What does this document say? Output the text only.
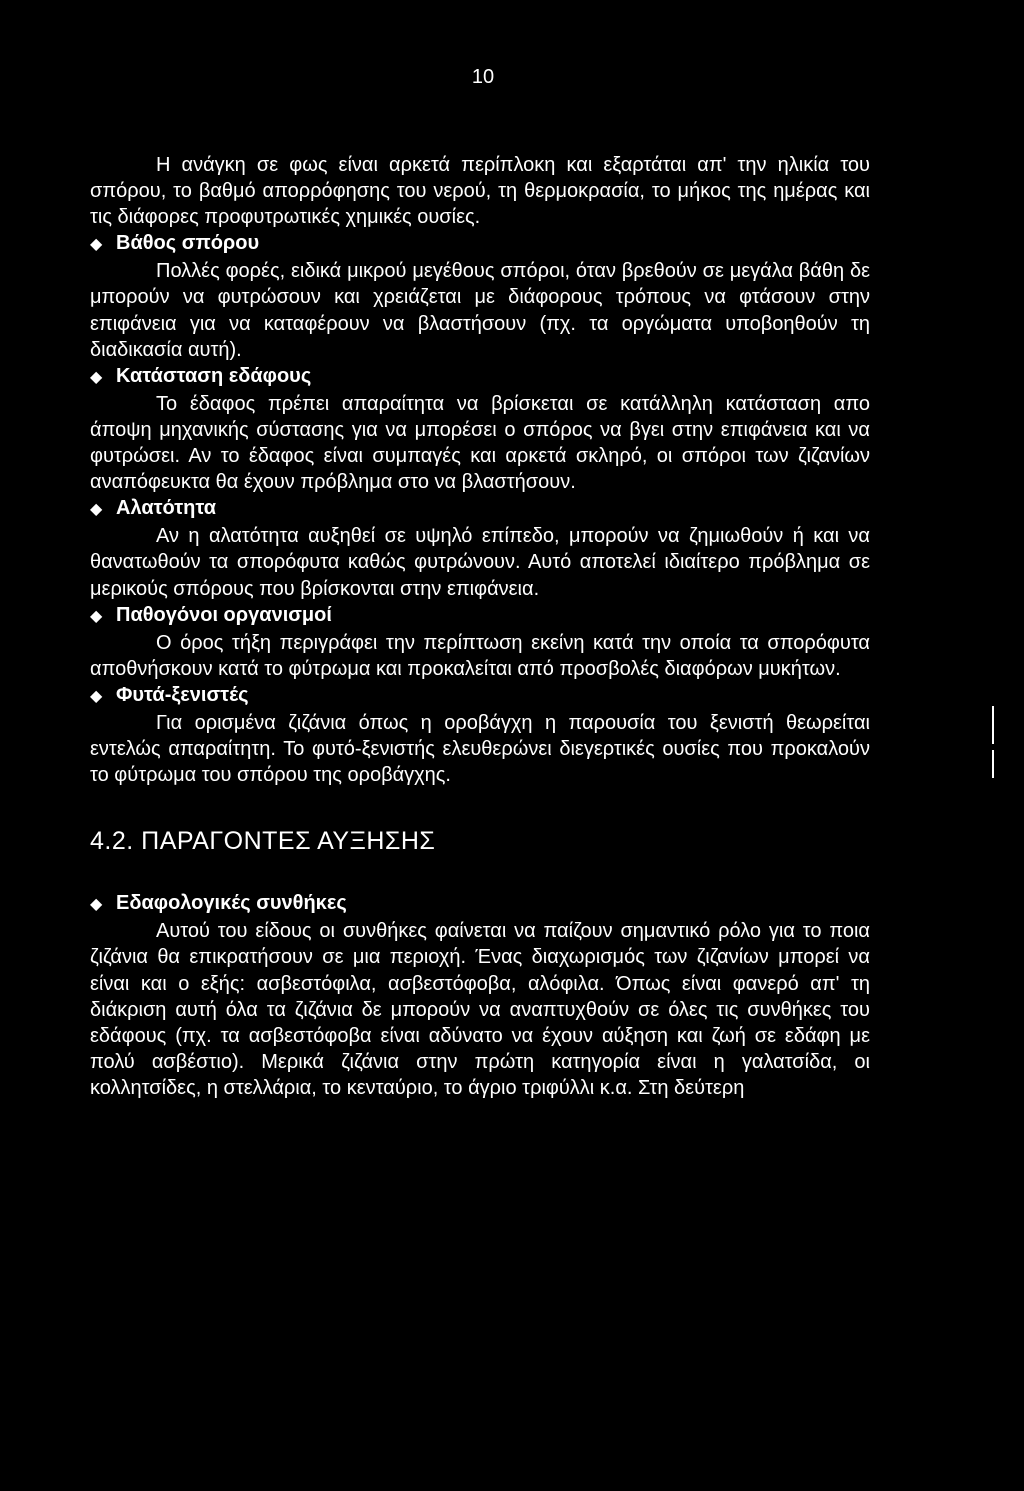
10

Η ανάγκη σε φως είναι αρκετά περίπλοκη και εξαρτάται απ' την ηλικία του σπόρου, το βαθμό απορρόφησης του νερού, τη θερμοκρασία, το μήκος της ημέρας και τις διάφορες προφυτρωτικές χημικές ουσίες.

◆ Βάθος σπόρου

Πολλές φορές, ειδικά μικρού μεγέθους σπόροι, όταν βρεθούν σε μεγάλα βάθη δε μπορούν να φυτρώσουν και χρειάζεται με διάφορους τρόπους να φτάσουν στην επιφάνεια για να καταφέρουν να βλαστήσουν (πχ. τα οργώματα υποβοηθούν τη διαδικασία αυτή).

◆ Κατάσταση εδάφους

Το έδαφος πρέπει απαραίτητα να βρίσκεται σε κατάλληλη κατάσταση απο άποψη μηχανικής σύστασης για να μπορέσει ο σπόρος να βγει στην επιφάνεια και να φυτρώσει. Αν το έδαφος είναι συμπαγές και αρκετά σκληρό, οι σπόροι των ζιζανίων αναπόφευκτα θα έχουν πρόβλημα στο να βλαστήσουν.

◆ Αλατότητα

Αν η αλατότητα αυξηθεί σε υψηλό επίπεδο, μπορούν να ζημιωθούν ή και να θανατωθούν τα σπορόφυτα καθώς φυτρώνουν. Αυτό αποτελεί ιδιαίτερο πρόβλημα σε μερικούς σπόρους που βρίσκονται στην επιφάνεια.

◆ Παθογόνοι οργανισμοί

Ο όρος τήξη περιγράφει την περίπτωση εκείνη κατά την οποία τα σπορόφυτα αποθνήσκουν κατά το φύτρωμα και προκαλείται από προσβολές διαφόρων μυκήτων.

◆ Φυτά-ξενιστές

Για ορισμένα ζιζάνια όπως η οροβάγχη η παρουσία του ξενιστή θεωρείται εντελώς απαραίτητη. Το φυτό-ξενιστής ελευθερώνει διεγερτικές ουσίες που προκαλούν το φύτρωμα του σπόρου της οροβάγχης.

4.2. ΠΑΡΑΓΟΝΤΕΣ ΑΥΞΗΣΗΣ

◆ Εδαφολογικές συνθήκες

Αυτού του είδους οι συνθήκες φαίνεται να παίζουν σημαντικό ρόλο για το ποια ζιζάνια θα επικρατήσουν σε μια περιοχή. Ένας διαχωρισμός των ζιζανίων μπορεί να είναι και ο εξής: ασβεστόφιλα, ασβεστόφοβα, αλόφιλα. Όπως είναι φανερό απ' τη διάκριση αυτή όλα τα ζιζάνια δε μπορούν να αναπτυχθούν σε όλες τις συνθήκες του εδάφους (πχ. τα ασβεστόφοβα είναι αδύνατο να έχουν αύξηση και ζωή σε εδάφη με πολύ ασβέστιο). Μερικά ζιζάνια στην πρώτη κατηγορία είναι η γαλατσίδα, οι κολλητσίδες, η στελλάρια, το κενταύριο, το άγριο τριφύλλι κ.α. Στη δεύτερη
